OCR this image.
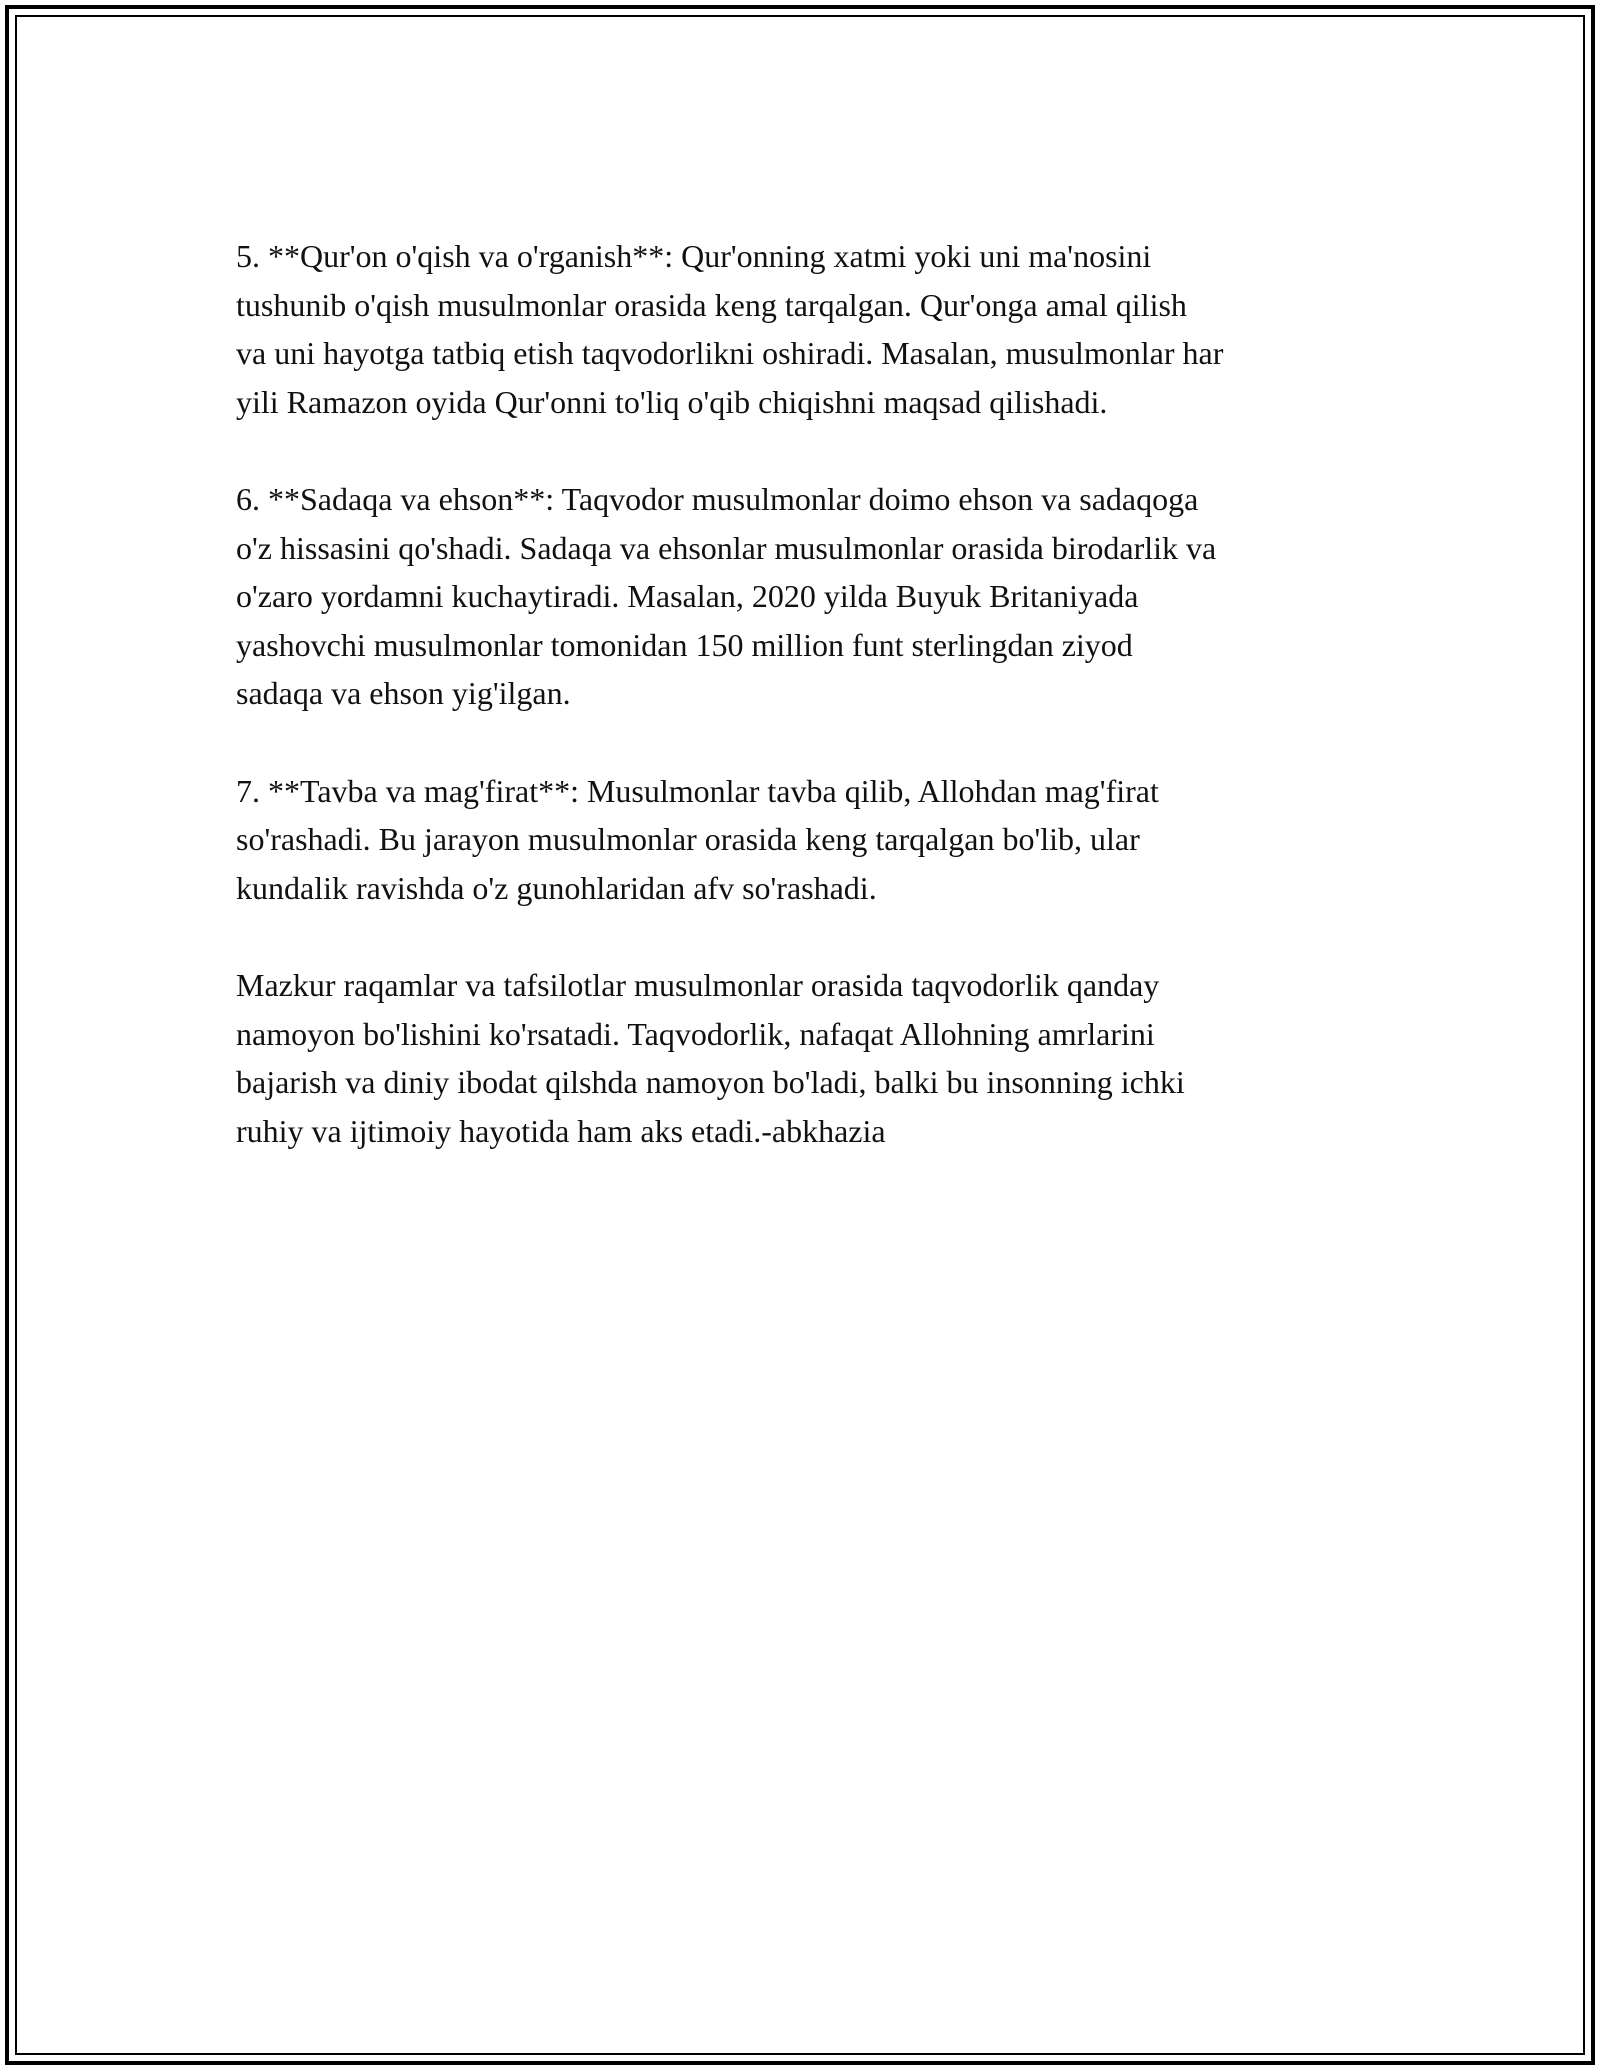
5. **Qur'on o'qish va o'rganish**: Qur'onning xatmi yoki uni ma'nosini
tushunib o'qish musulmonlar orasida keng tarqalgan. Qur'onga amal qilish
va uni hayotga tatbiq etish taqvodorlikni oshiradi. Masalan, musulmonlar har
yili Ramazon oyida Qur'onni to'liq o'qib chiqishni maqsad qilishadi.

6. **Sadaqa va ehson**: Taqvodor musulmonlar doimo ehson va sadaqoga
o'z hissasini qo'shadi. Sadaqa va ehsonlar musulmonlar orasida birodarlik va
o'zaro yordamni kuchaytiradi. Masalan, 2020 yilda Buyuk Britaniyada
yashovchi musulmonlar tomonidan 150 million funt sterlingdan ziyod
sadaqa va ehson yig'ilgan.

7. **Tavba va mag'firat**: Musulmonlar tavba qilib, Allohdan mag'firat
so'rashadi. Bu jarayon musulmonlar orasida keng tarqalgan bo'lib, ular
kundalik ravishda o'z gunohlaridan afv so'rashadi.

Mazkur raqamlar va tafsilotlar musulmonlar orasida taqvodorlik qanday
namoyon bo'lishini ko'rsatadi. Taqvodorlik, nafaqat Allohning amrlarini
bajarish va diniy ibodat qilshda namoyon bo'ladi, balki bu insonning ichki
ruhiy va ijtimoiy hayotida ham aks etadi.-abkhazia
